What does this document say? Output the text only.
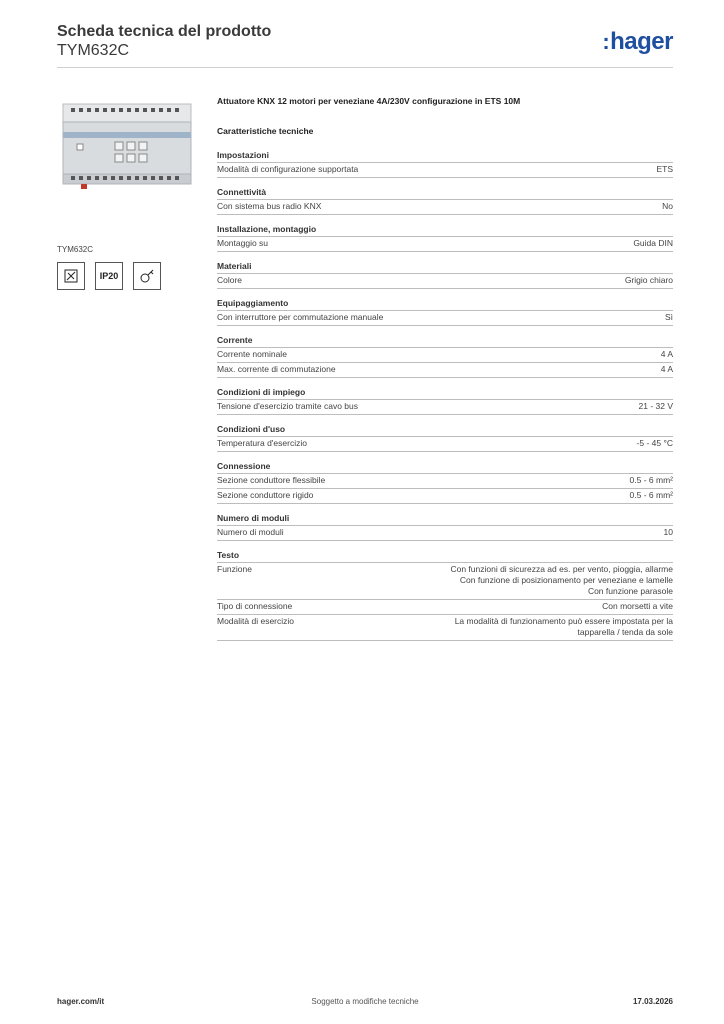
Scheda tecnica del prodotto
TYM632C	:hager
TYM632C
IP20
Attuatore KNX 12 motori per veneziane 4A/230V configurazione in ETS 10M
Caratteristiche tecniche
Impostazioni
Modalità di configurazione supportata	ETS
Connettività
Con sistema bus radio KNX	No
Installazione, montaggio
Montaggio su	Guida DIN
Materiali
Colore	Grigio chiaro
Equipaggiamento
Con interruttore per commutazione manuale	Sì
Corrente
Corrente nominale	4 A
Max. corrente di commutazione	4 A
Condizioni di impiego
Tensione d'esercizio tramite cavo bus	21 - 32 V
Condizioni d'uso
Temperatura d'esercizio	-5 - 45 °C
Connessione
Sezione conduttore flessibile	0.5 - 6 mm²
Sezione conduttore rigido	0.5 - 6 mm²
Numero di moduli
Numero di moduli	10
Testo
Funzione	Con funzioni di sicurezza ad es. per vento, pioggia, allarme
Con funzione di posizionamento per veneziane e lamelle
Con funzione parasole
Tipo di connessione	Con morsetti a vite
Modalità di esercizio	La modalità di funzionamento può essere impostata per la
tapparella / tenda da sole
hager.com/it	Soggetto a modifiche tecniche	17.03.2026
